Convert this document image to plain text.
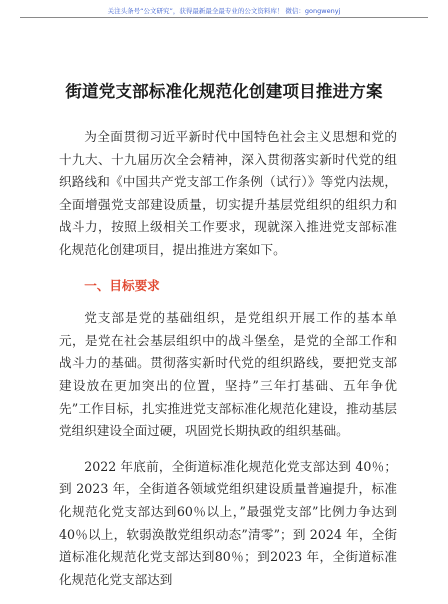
关注头条号“公文研究”，获得最新最全最专业的公文资料库！ 微信：gongwenyj
街道党支部标准化规范化创建项目推进方案

为全面贯彻习近平新时代中国特色社会主义思想和党的十九大、十九届历次全会精神，深入贯彻落实新时代党的组织路线和《中国共产党支部工作条例（试行）》等党内法规，全面增强党支部建设质量，切实提升基层党组织的组织力和战斗力，按照上级相关工作要求，现就深入推进党支部标准化规范化创建项目，提出推进方案如下。

一、目标要求

党支部是党的基础组织，是党组织开展工作的基本单元，是党在社会基层组织中的战斗堡垒，是党的全部工作和战斗力的基础。贯彻落实新时代党的组织路线，要把党支部建设放在更加突出的位置，坚持”三年打基础、五年争优先”工作目标，扎实推进党支部标准化规范化建设，推动基层党组织建设全面过硬，巩固党长期执政的组织基础。

2022 年底前，全街道标准化规范化党支部达到 40％；到 2023 年，全街道各领域党组织建设质量普遍提升，标准化规范化党支部达到60％以上，”最强党支部”比例力争达到40％以上，软弱涣散党组织动态”清零”；到 2024 年，全街道标准化规范化党支部达到80％；到2023 年，全街道标准化规范化党支部达到
